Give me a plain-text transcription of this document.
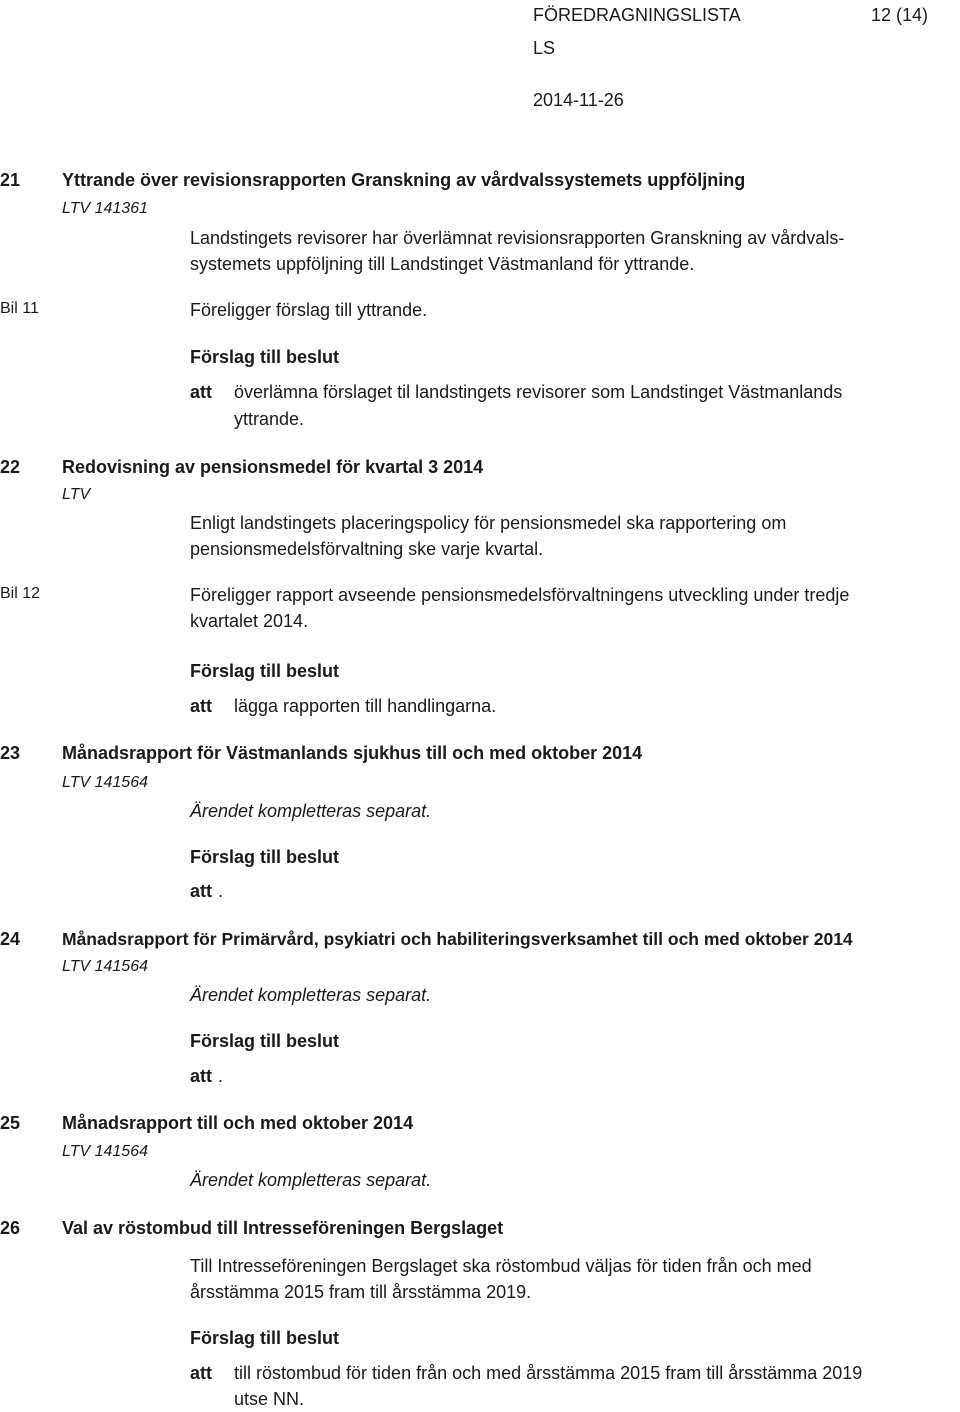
FÖREDRAGNINGSLISTA	12 (14)
LS
2014-11-26
21 Yttrande över revisionsrapporten Granskning av vårdvalssystemets uppföljning
LTV 141361
Landstingets revisorer har överlämnat revisionsrapporten Granskning av vårdvals-
systemets uppföljning till Landstinget Västmanland för yttrande.
Bil 11	Föreligger förslag till yttrande.
Förslag till beslut
att överlämna förslaget til landstingets revisorer som Landstinget Västmanlands
yttrande.
22 Redovisning av pensionsmedel för kvartal 3 2014
LTV
Enligt landstingets placeringspolicy för pensionsmedel ska rapportering om
pensionsmedelsförvaltning ske varje kvartal.
Bil 12	Föreligger rapport avseende pensionsmedelsförvaltningens utveckling under tredje
kvartalet 2014.
Förslag till beslut
att lägga rapporten till handlingarna.
23 Månadsrapport för Västmanlands sjukhus till och med oktober 2014
LTV 141564
Ärendet kompletteras separat.
Förslag till beslut
att .
24 Månadsrapport för Primärvård, psykiatri och habiliteringsverksamhet till och med oktober 2014
LTV 141564
Ärendet kompletteras separat.
Förslag till beslut
att .
25 Månadsrapport till och med oktober 2014
LTV 141564
Ärendet kompletteras separat.
26 Val av röstombud till Intresseföreningen Bergslaget
Till Intresseföreningen Bergslaget ska röstombud väljas för tiden från och med
årsstämma 2015 fram till årsstämma 2019.
Förslag till beslut
att till röstombud för tiden från och med årsstämma 2015 fram till årsstämma 2019
utse NN.
